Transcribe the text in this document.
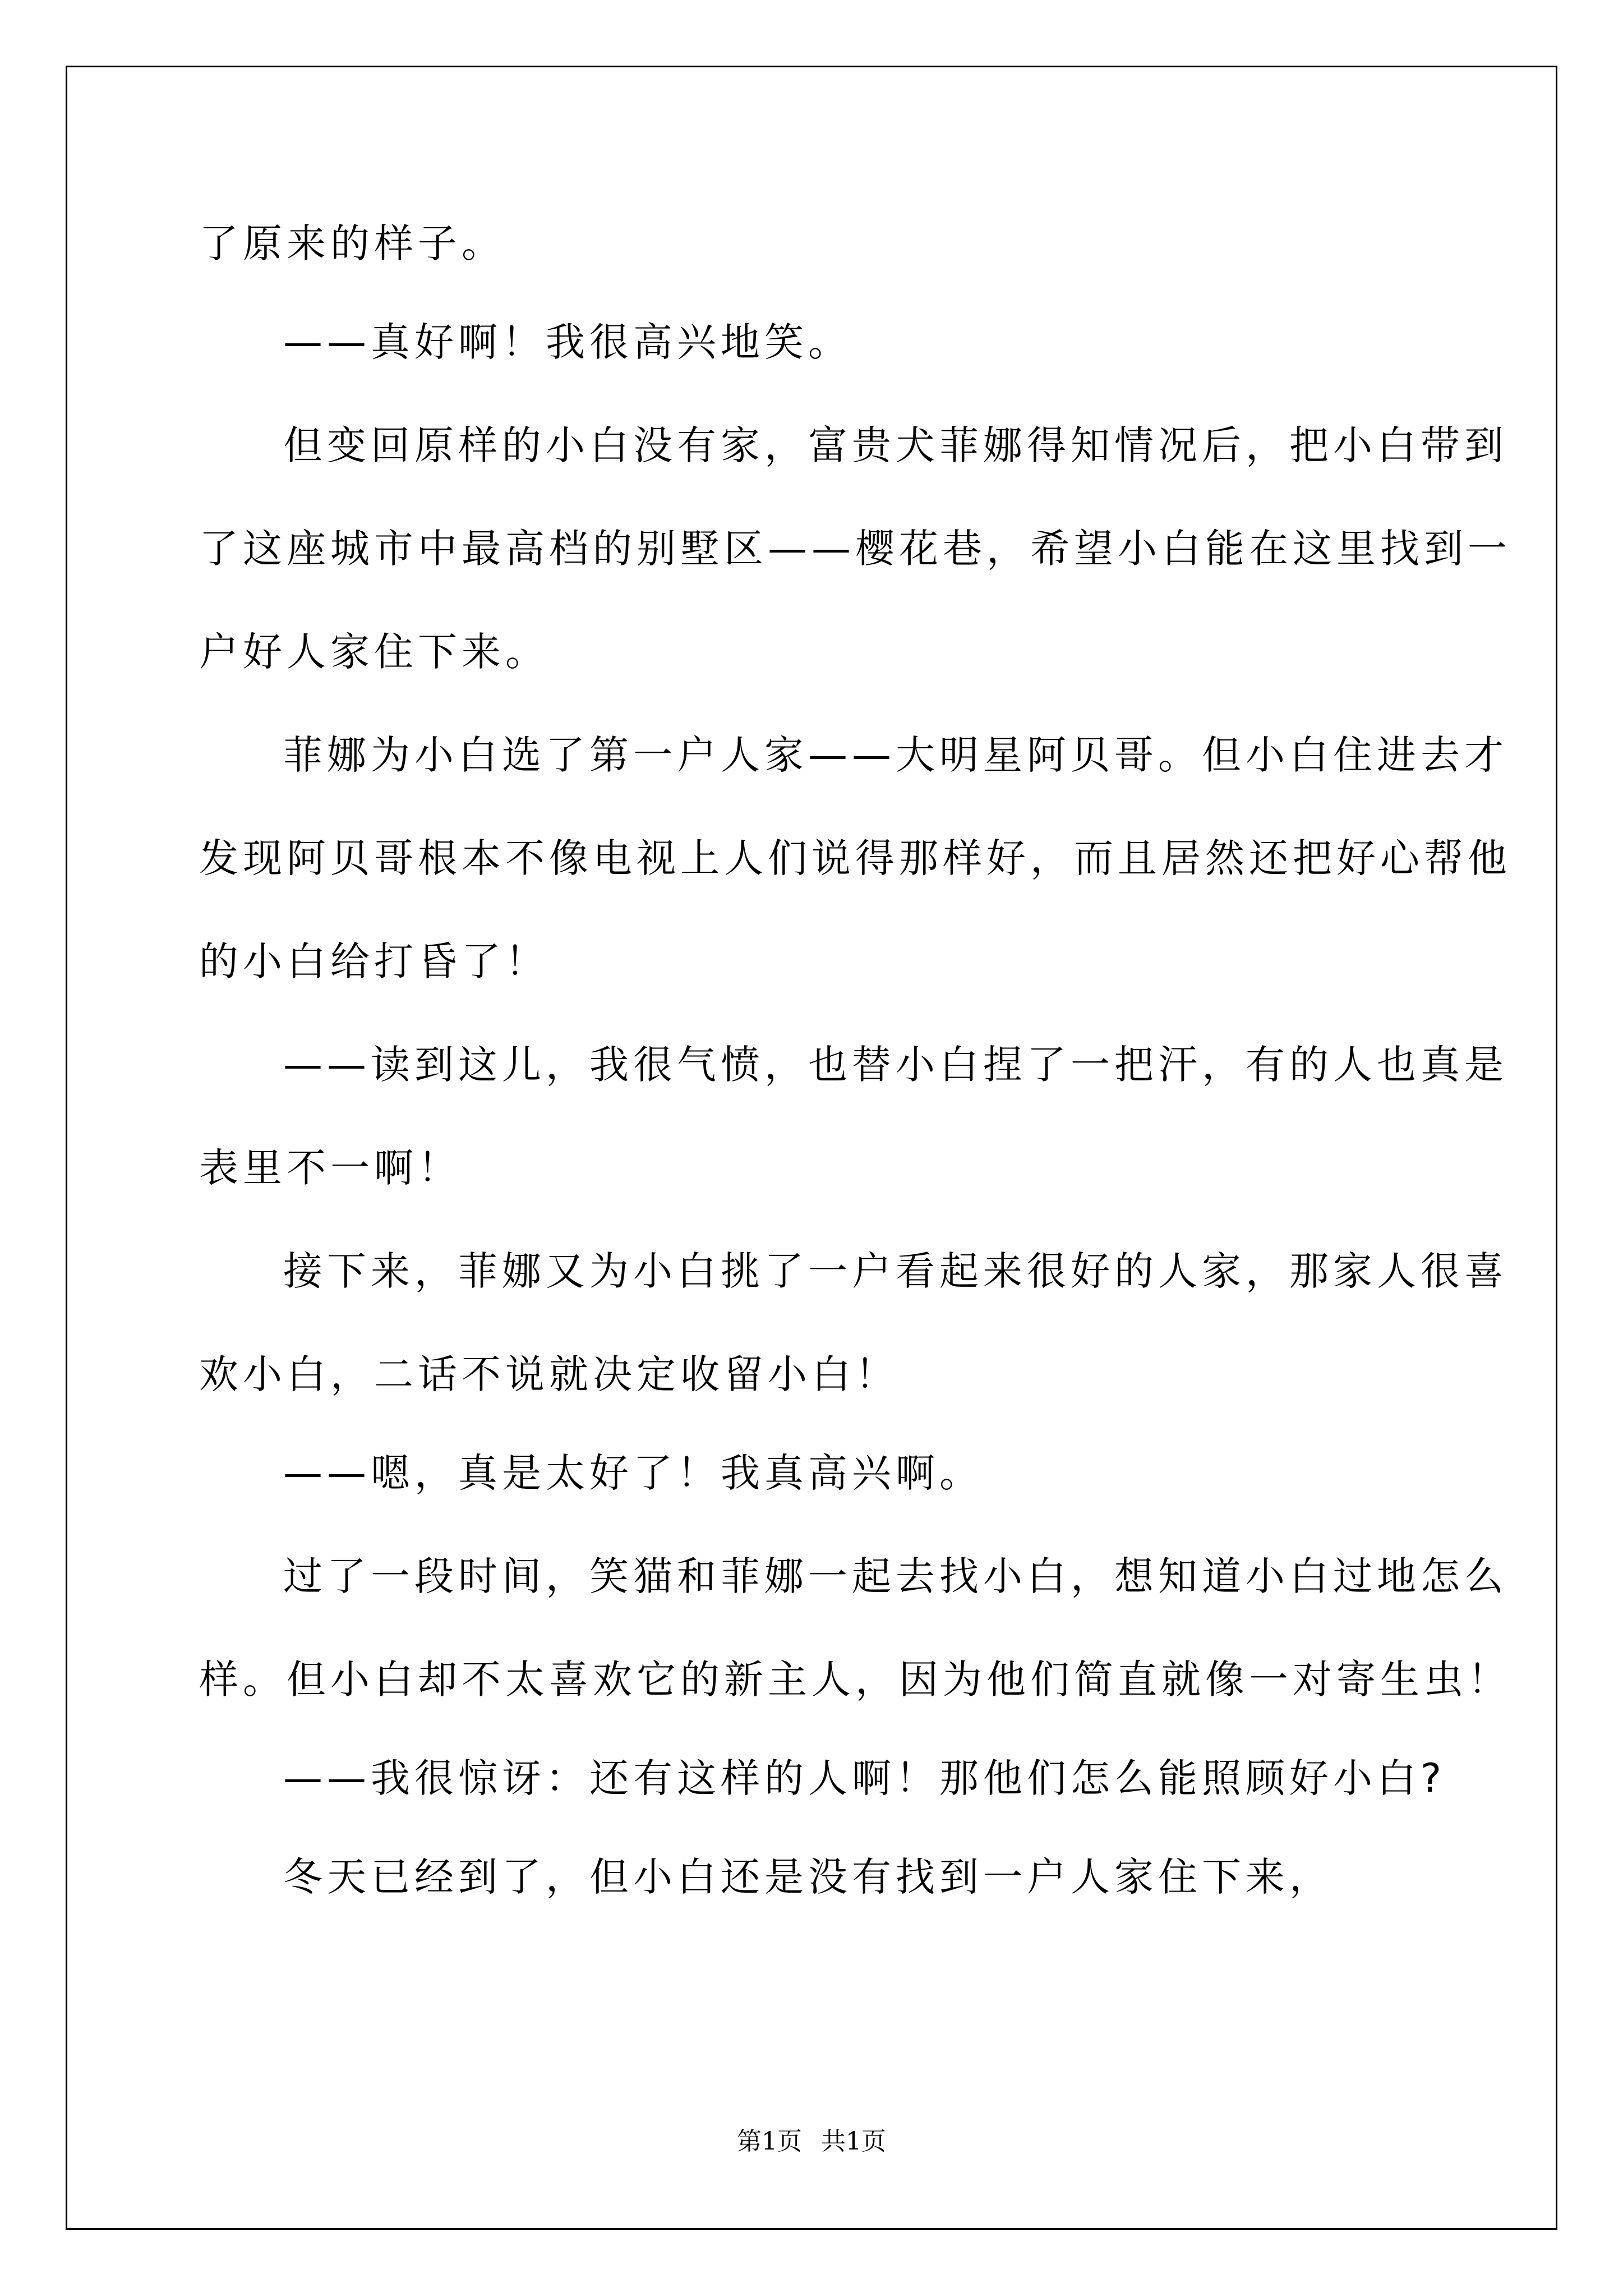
了原来的样子。
——真好啊！我很高兴地笑。
但变回原样的小白没有家，富贵犬菲娜得知情况后，把小白带到
了这座城市中最高档的别墅区——樱花巷，希望小白能在这里找到一
户好人家住下来。
菲娜为小白选了第一户人家——大明星阿贝哥。但小白住进去才
发现阿贝哥根本不像电视上人们说得那样好，而且居然还把好心帮他
的小白给打昏了！
——读到这儿，我很气愤，也替小白捏了一把汗，有的人也真是
表里不一啊！
接下来，菲娜又为小白挑了一户看起来很好的人家，那家人很喜
欢小白，二话不说就决定收留小白！
——嗯，真是太好了！我真高兴啊。
过了一段时间，笑猫和菲娜一起去找小白，想知道小白过地怎么
样。但小白却不太喜欢它的新主人，因为他们简直就像一对寄生虫！
——我很惊讶：还有这样的人啊！那他们怎么能照顾好小白?
冬天已经到了，但小白还是没有找到一户人家住下来，
第1页 共1页
